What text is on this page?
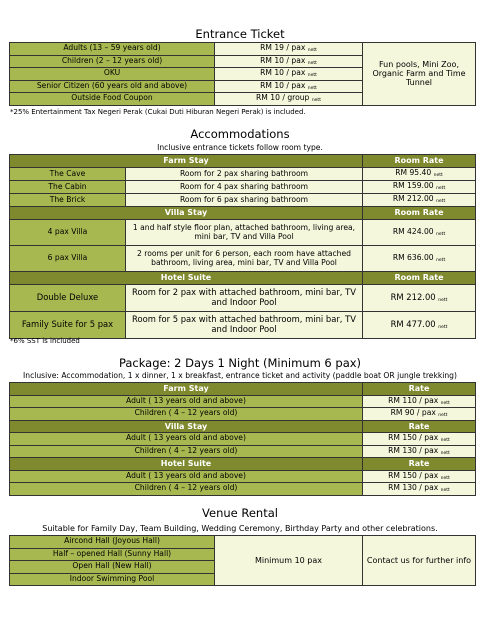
Entrance Ticket
Adults (13 – 59 years old)	RM 19 / pax $_{nett}$	Fun pools, Mini Zoo, Organic Farm and Time Tunnel
Children (2 – 12 years old)	RM 10 / pax $_{nett}$
OKU	RM 10 / pax $_{nett}$
Senior Citizen (60 years old and above)	RM 10 / pax $_{nett}$
Outside Food Coupon	RM 10 / group $_{nett}$
*25% Entertainment Tax Negeri Perak (Cukai Duti Hiburan Negeri Perak) is included.
Accommodations
Inclusive entrance tickets follow room type.
Farm Stay		Room Rate
The Cave	Room for 2 pax sharing bathroom	RM 95.40 $_{nett}$
The Cabin	Room for 4 pax sharing bathroom	RM 159.00 $_{nett}$
The Brick	Room for 6 pax sharing bathroom	RM 212.00 $_{nett}$
Villa Stay		Room Rate
4 pax Villa	1 and half style floor plan, attached bathroom, living area, mini bar, TV and Villa Pool	RM 424.00 $_{nett}$
6 pax Villa	2 rooms per unit for 6 person, each room have attached bathroom, living area, mini bar, TV and Villa Pool	RM 636.00 $_{nett}$
Hotel Suite		Room Rate
Double Deluxe	Room for 2 pax with attached bathroom, mini bar, TV and Indoor Pool	RM 212.00 $_{nett}$
Family Suite for 5 pax	Room for 5 pax with attached bathroom, mini bar, TV and Indoor Pool	RM 477.00 $_{nett}$
*6% SST is included
Package: 2 Days 1 Night (Minimum 6 pax)
Inclusive: Accommodation, 1 x dinner, 1 x breakfast, entrance ticket and activity (paddle boat OR jungle trekking)
Farm Stay	Rate
Adult ( 13 years old and above)	RM 110 / pax $_{nett}$
Children ( 4 – 12 years old)	RM 90 / pax $_{nett}$
Villa Stay	Rate
Adult ( 13 years old and above)	RM 150 / pax $_{nett}$
Children ( 4 – 12 years old)	RM 130 / pax $_{nett}$
Hotel Suite	Rate
Adult ( 13 years old and above)	RM 150 / pax $_{nett}$
Children ( 4 – 12 years old)	RM 130 / pax $_{nett}$
Venue Rental
Suitable for Family Day, Team Building, Wedding Ceremony, Birthday Party and other celebrations.
Aircond Hall (Joyous Hall)	Minimum 10 pax	Contact us for further info
Half – opened Hall (Sunny Hall)
Open Hall (New Hall)
Indoor Swimming Pool
